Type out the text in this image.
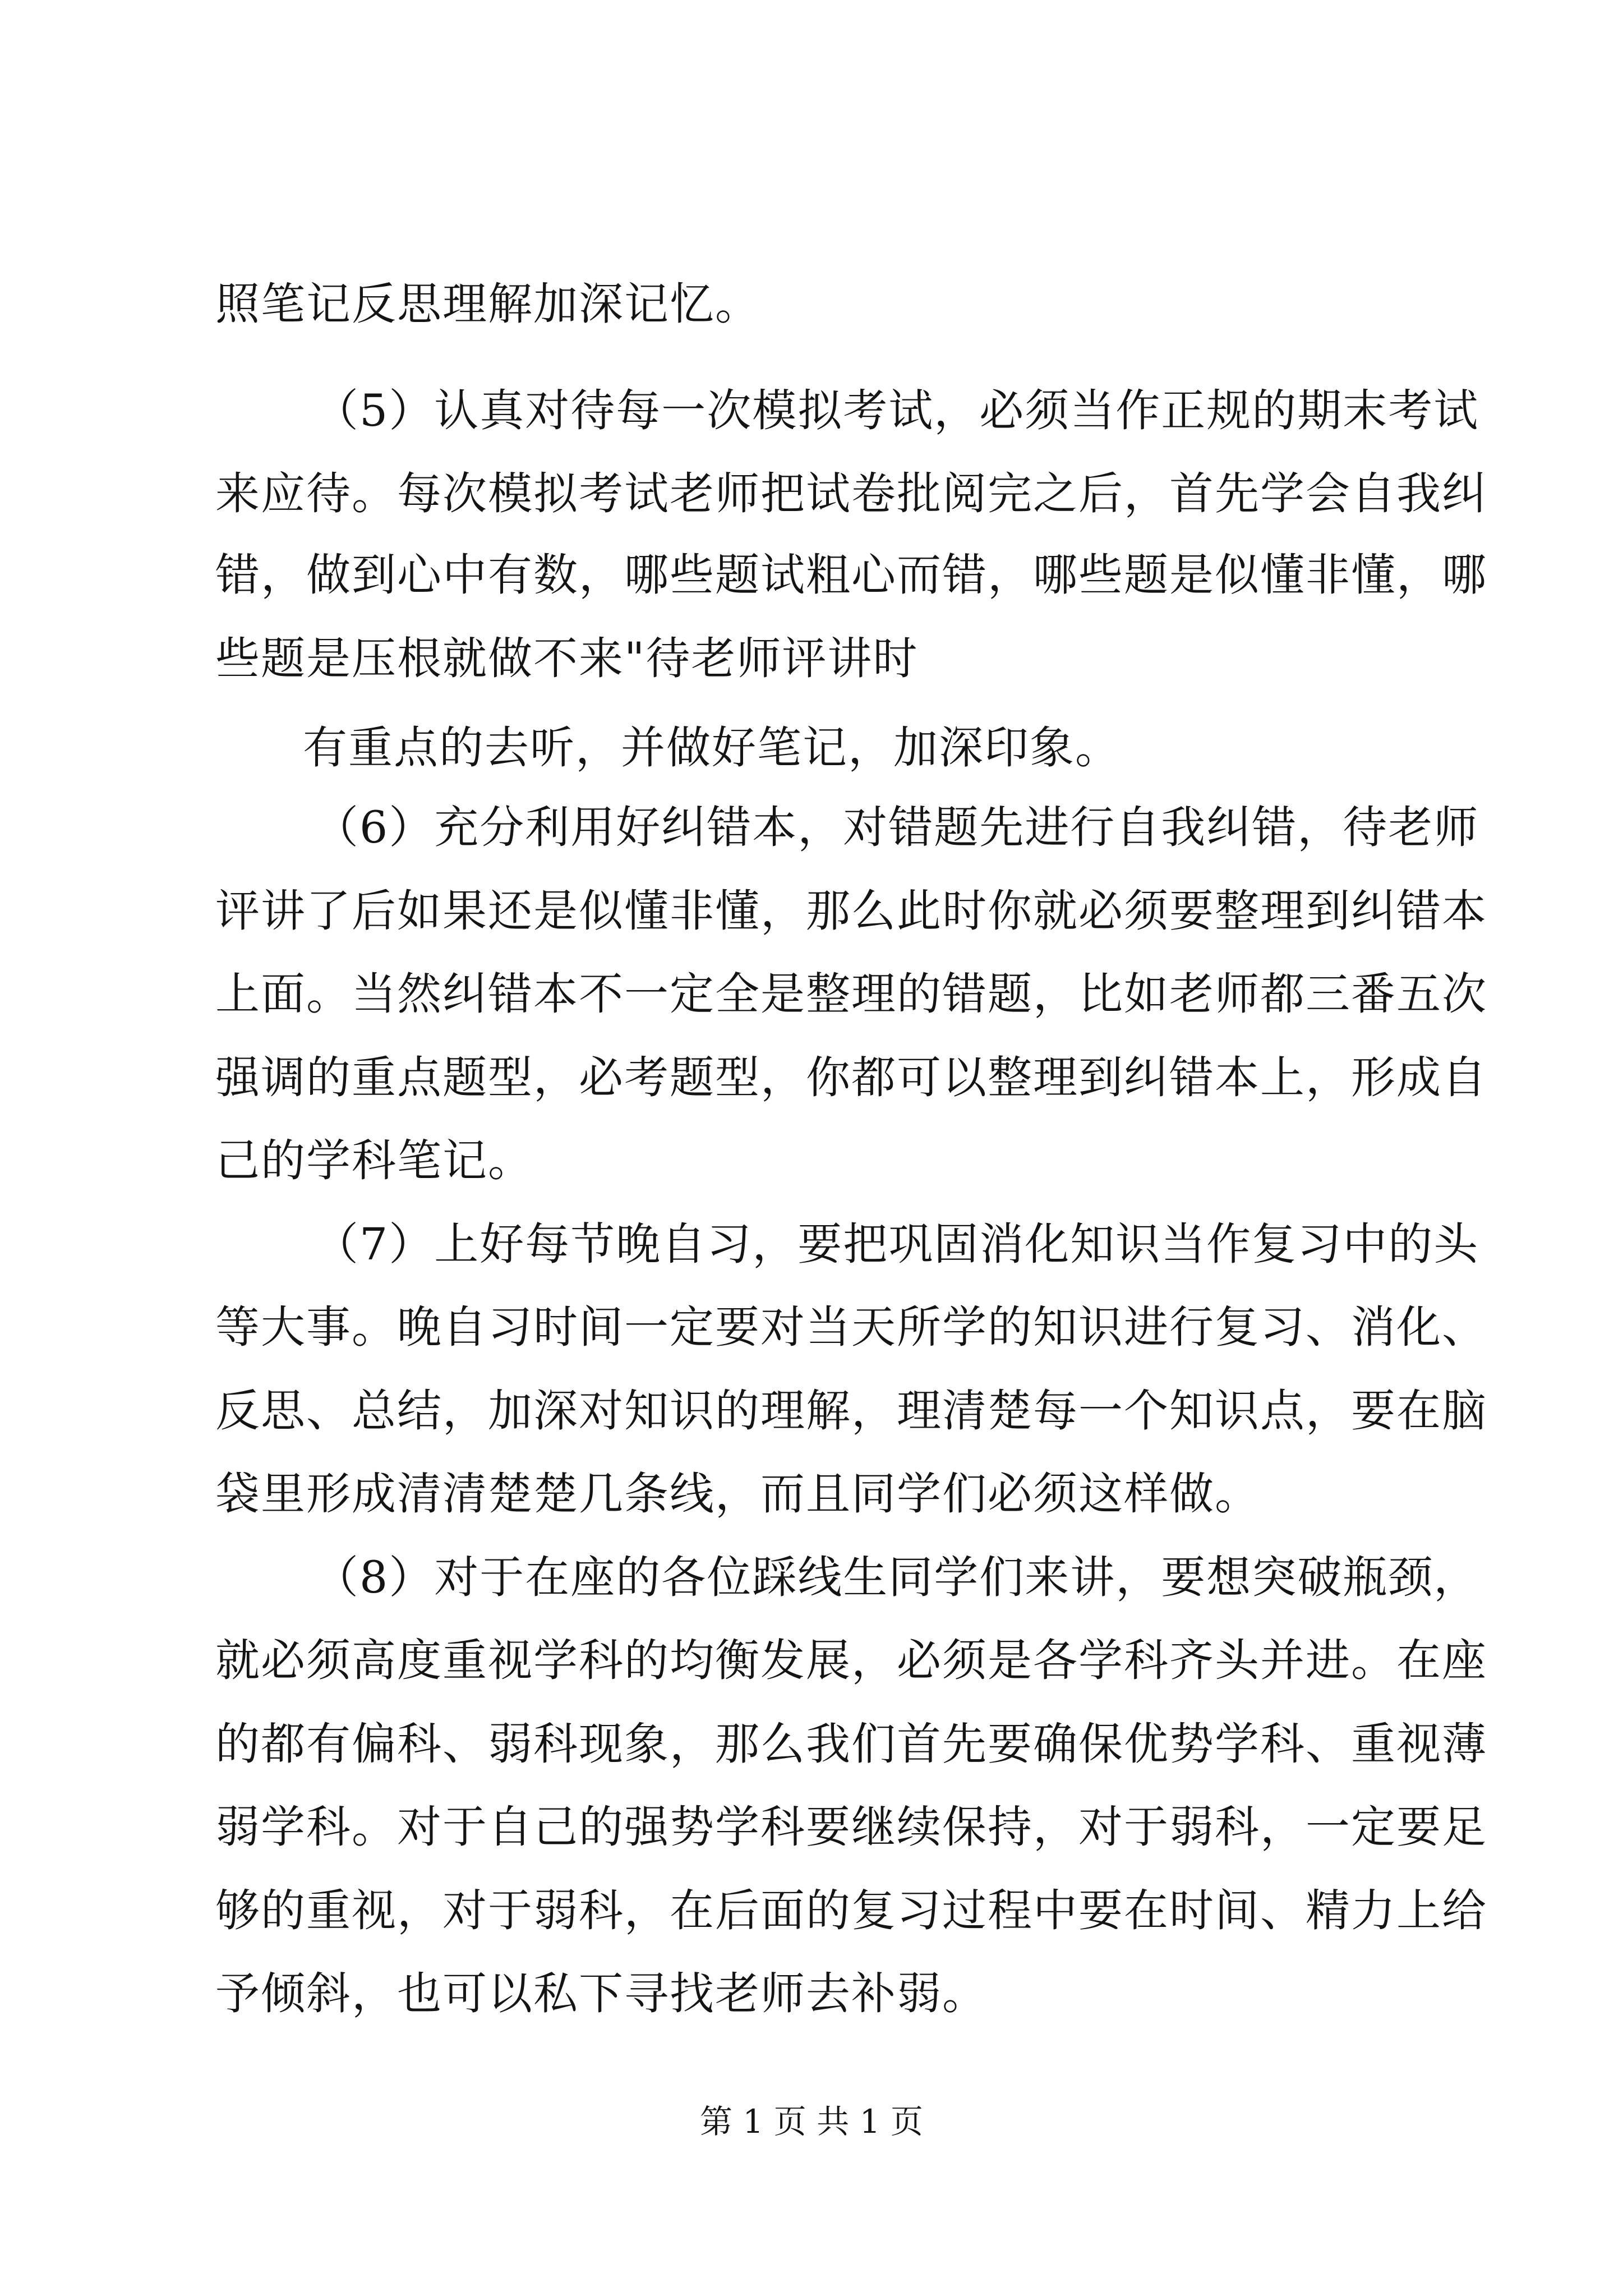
照笔记反思理解加深记忆。

（5）认真对待每一次模拟考试，必须当作正规的期末考试

来应待。每次模拟考试老师把试卷批阅完之后，首先学会自我纠

错，做到心中有数，哪些题试粗心而错，哪些题是似懂非懂，哪

些题是压根就做不来"待老师评讲时

有重点的去听，并做好笔记，加深印象。

（6）充分利用好纠错本，对错题先进行自我纠错，待老师

评讲了后如果还是似懂非懂，那么此时你就必须要整理到纠错本

上面。当然纠错本不一定全是整理的错题，比如老师都三番五次

强调的重点题型，必考题型，你都可以整理到纠错本上，形成自

己的学科笔记。

（7）上好每节晚自习，要把巩固消化知识当作复习中的头

等大事。晚自习时间一定要对当天所学的知识进行复习、消化、

反思、总结，加深对知识的理解，理清楚每一个知识点，要在脑

袋里形成清清楚楚几条线，而且同学们必须这样做。

（8）对于在座的各位踩线生同学们来讲，要想突破瓶颈，

就必须高度重视学科的均衡发展，必须是各学科齐头并进。在座

的都有偏科、弱科现象，那么我们首先要确保优势学科、重视薄

弱学科。对于自己的强势学科要继续保持，对于弱科，一定要足

够的重视，对于弱科，在后面的复习过程中要在时间、精力上给

予倾斜，也可以私下寻找老师去补弱。

第 1 页 共 1 页
